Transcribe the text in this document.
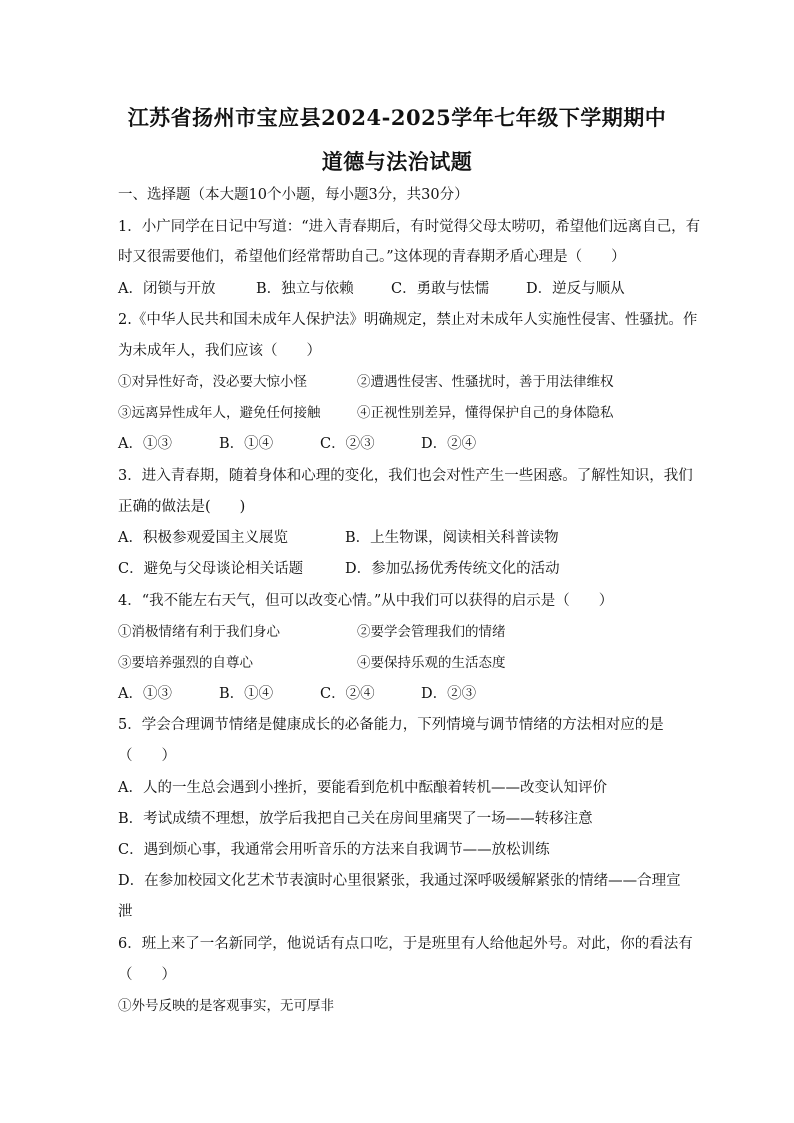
江苏省扬州市宝应县2024-2025学年七年级下学期期中
道德与法治试题
一、选择题（本大题10个小题，每小题3分，共30分）
1．小广同学在日记中写道：“进入青春期后，有时觉得父母太唠叨，希望他们远离自己，有
时又很需要他们，希望他们经常帮助自己。”这体现的青春期矛盾心理是（　　）
A．闭锁与开放	B．独立与依赖	C．勇敢与怯懦	D．逆反与顺从
2.《中华人民共和国未成年人保护法》明确规定，禁止对未成年人实施性侵害、性骚扰。作
为未成年人，我们应该（　　）
①对异性好奇，没必要大惊小怪	②遭遇性侵害、性骚扰时，善于用法律维权
③远离异性成年人，避免任何接触	④正视性别差异，懂得保护自己的身体隐私
A．①③	B．①④	C．②③	D．②④
3．进入青春期，随着身体和心理的变化，我们也会对性产生一些困惑。了解性知识，我们
正确的做法是(　　)
A．积极参观爱国主义展览	B．上生物课，阅读相关科普读物
C．避免与父母谈论相关话题	D．参加弘扬优秀传统文化的活动
4．“我不能左右天气，但可以改变心情。”从中我们可以获得的启示是（　　）
①消极情绪有利于我们身心	②要学会管理我们的情绪
③要培养强烈的自尊心	④要保持乐观的生活态度
A．①③	B．①④	C．②④	D．②③
5．学会合理调节情绪是健康成长的必备能力，下列情境与调节情绪的方法相对应的是
（　　）
A．人的一生总会遇到小挫折，要能看到危机中酝酿着转机——改变认知评价
B．考试成绩不理想，放学后我把自己关在房间里痛哭了一场——转移注意
C．遇到烦心事，我通常会用听音乐的方法来自我调节——放松训练
D．在参加校园文化艺术节表演时心里很紧张，我通过深呼吸缓解紧张的情绪——合理宣
泄
6．班上来了一名新同学，他说话有点口吃，于是班里有人给他起外号。对此，你的看法有
（　　）
①外号反映的是客观事实，无可厚非
